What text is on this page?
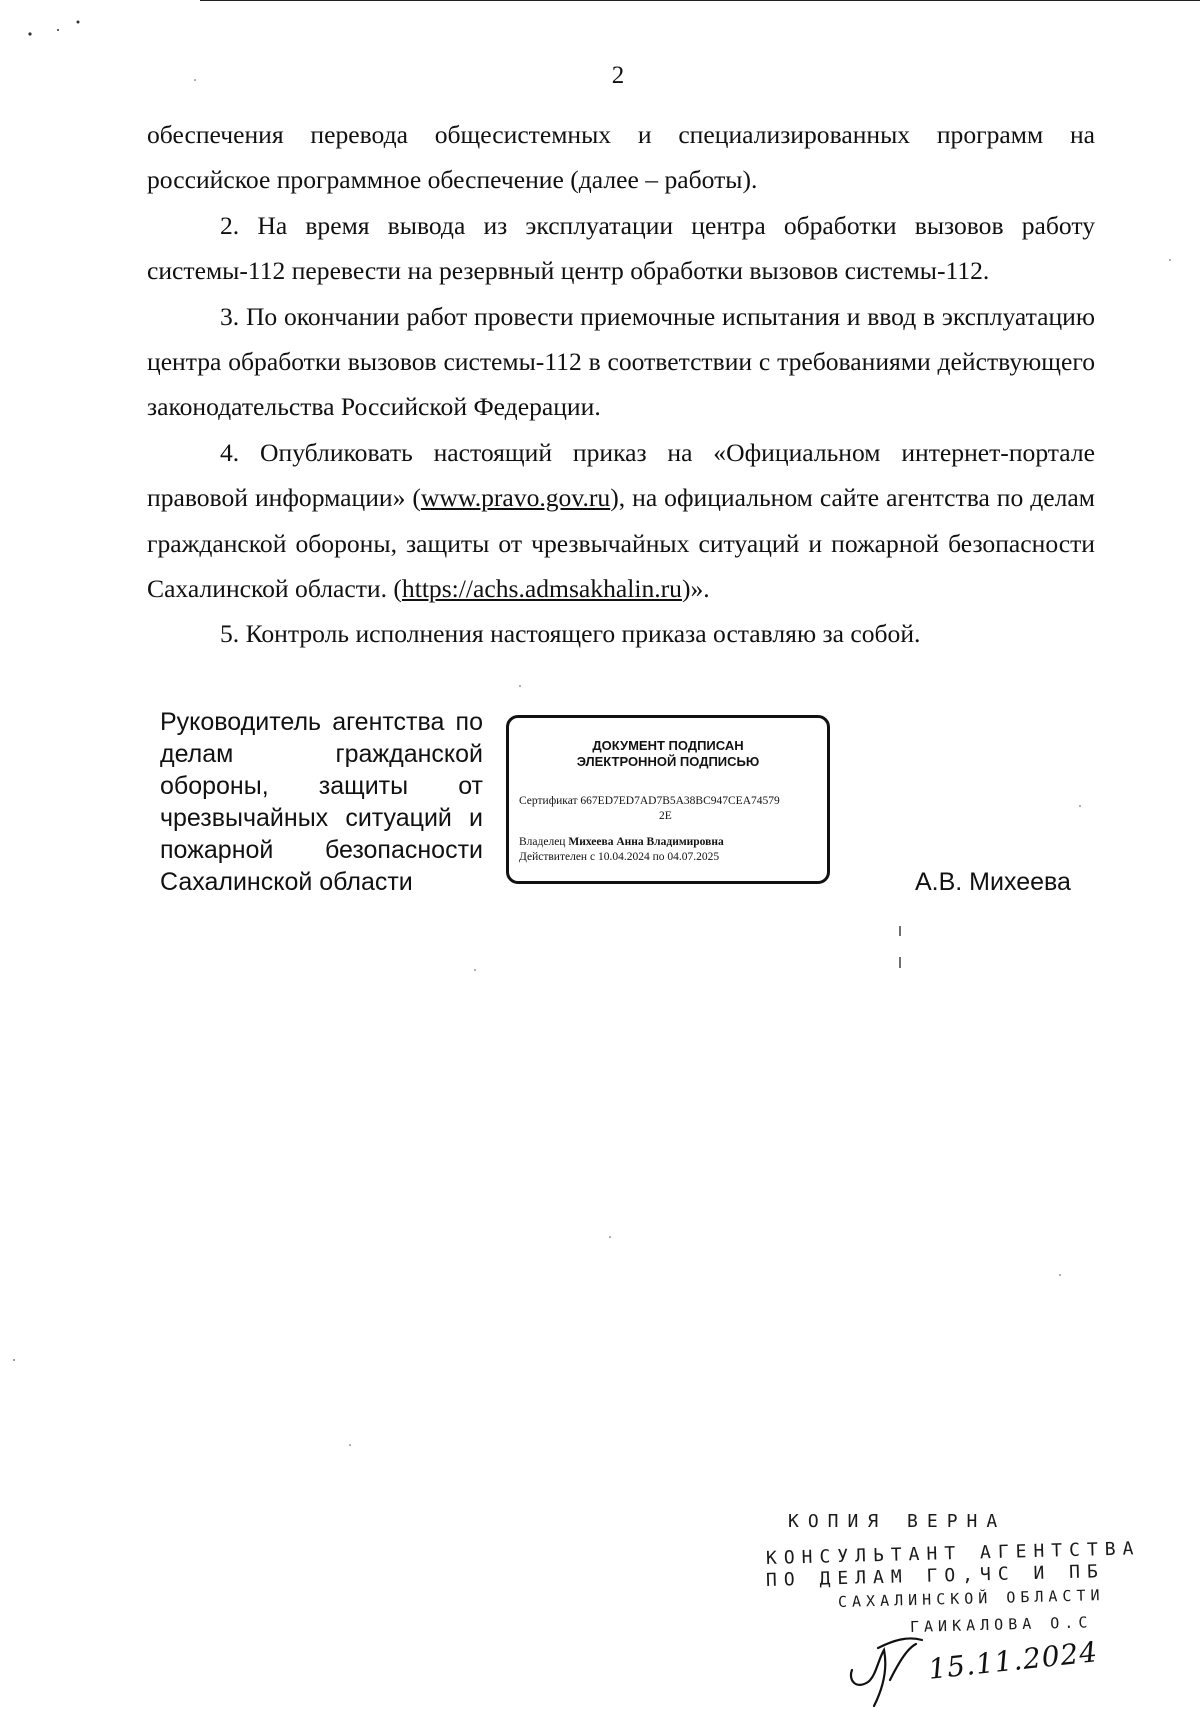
2

обеспечения перевода общесистемных и специализированных программ на российское программное обеспечение (далее – работы).

2. На время вывода из эксплуатации центра обработки вызовов работу системы-112 перевести на резервный центр обработки вызовов системы-112.

3. По окончании работ провести приемочные испытания и ввод в эксплуатацию центра обработки вызовов системы-112 в соответствии с требованиями действующего законодательства Российской Федерации.

4. Опубликовать настоящий приказ на «Официальном интернет-портале правовой информации» (www.pravo.gov.ru), на официальном сайте агентства по делам гражданской обороны, защиты от чрезвычайных ситуаций и пожарной безопасности Сахалинской области. (https://achs.admsakhalin.ru)».

5. Контроль исполнения настоящего приказа оставляю за собой.

Руководитель агентства по
делам гражданской
обороны, защиты от
чрезвычайных ситуаций и
пожарной безопасности
Сахалинской области
ДОКУМЕНТ ПОДПИСАН
ЭЛЕКТРОННОЙ ПОДПИСЬЮ
Сертификат 667ED7ED7AD7B5A38BC947CEA74579
2E
Владелец Михеева Анна Владимировна
Действителен с 10.04.2024 по 04.07.2025
А.В. Михеева
КОПИЯ ВЕРНА
КОНСУЛЬТАНТ АГЕНТСТВА
ПО ДЕЛАМ ГО,ЧС И ПБ
САХАЛИНСКОЙ ОБЛАСТИ
ГАИКАЛОВА О.С
15.11.2024
